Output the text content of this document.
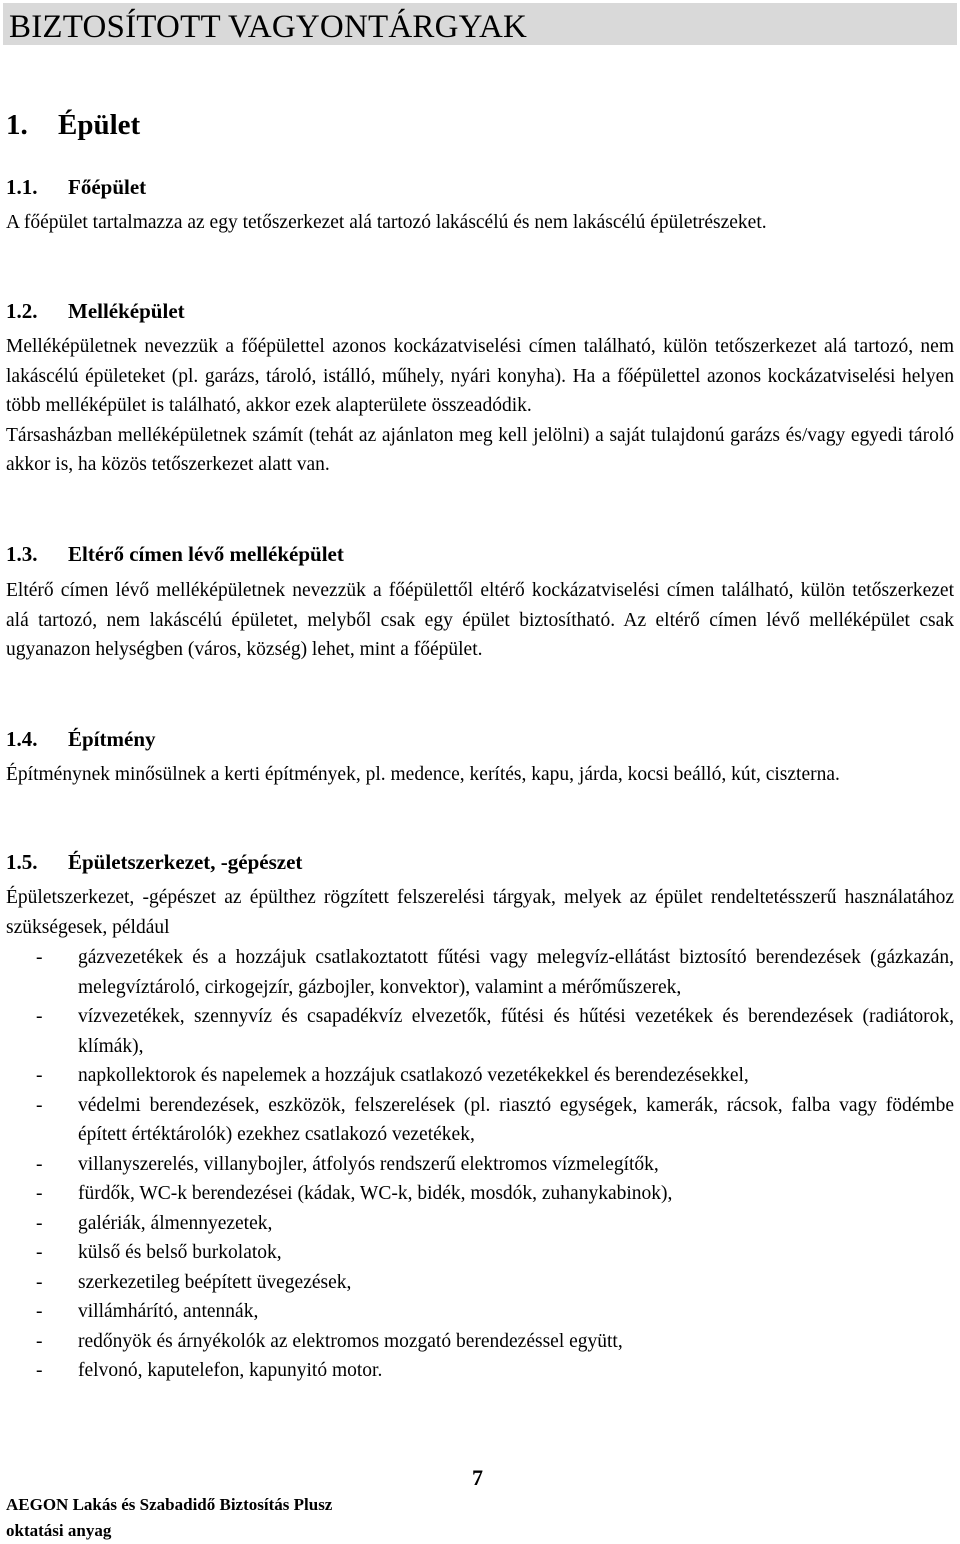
BIZTOSÍTOTT VAGYONTÁRGYAK
1. Épület
1.1. Főépület

A főépület tartalmazza az egy tetőszerkezet alá tartozó lakáscélú és nem lakáscélú épületrészeket.

1.2. Melléképület

Melléképületnek nevezzük a főépülettel azonos kockázatviselési címen található, külön tetőszerkezet alá tartozó, nem lakáscélú épületeket (pl. garázs, tároló, istálló, műhely, nyári konyha). Ha a főépülettel azonos kockázatviselési helyen több melléképület is található, akkor ezek alapterülete összeadódik.

Társasházban melléképületnek számít (tehát az ajánlaton meg kell jelölni) a saját tulajdonú garázs és/vagy egyedi tároló akkor is, ha közös tetőszerkezet alatt van.

1.3. Eltérő címen lévő melléképület

Eltérő címen lévő melléképületnek nevezzük a főépülettől eltérő kockázatviselési címen található, külön tetőszerkezet alá tartozó, nem lakáscélú épületet, melyből csak egy épület biztosítható. Az eltérő címen lévő melléképület csak ugyanazon helységben (város, község) lehet, mint a főépület.

1.4. Építmény

Építménynek minősülnek a kerti építmények, pl. medence, kerítés, kapu, járda, kocsi beálló, kút, ciszterna.

1.5. Épületszerkezet, -gépészet

Épületszerkezet, -gépészet az épülthez rögzített felszerelési tárgyak, melyek az épület rendeltetésszerű használatához szükségesek, például

- gázvezetékek és a hozzájuk csatlakoztatott fűtési vagy melegvíz-ellátást biztosító berendezések (gázkazán, melegvíztároló, cirkogejzír, gázbojler, konvektor), valamint a mérőműszerek,
- vízvezetékek, szennyvíz és csapadékvíz elvezetők, fűtési és hűtési vezetékek és berendezések (radiátorok, klímák),
- napkollektorok és napelemek a hozzájuk csatlakozó vezetékekkel és berendezésekkel,
- védelmi berendezések, eszközök, felszerelések (pl. riasztó egységek, kamerák, rácsok, falba vagy födémbe épített értéktárolók) ezekhez csatlakozó vezetékek,
- villanyszerelés, villanybojler, átfolyós rendszerű elektromos vízmelegítők,
- fürdők, WC-k berendezései (kádak, WC-k, bidék, mosdók, zuhanykabinok),
- galériák, álmennyezetek,
- külső és belső burkolatok,
- szerkezetileg beépített üvegezések,
- villámhárító, antennák,
- redőnyök és árnyékolók az elektromos mozgató berendezéssel együtt,
- felvonó, kaputelefon, kapunyitó motor.
7
AEGON Lakás és Szabadidő Biztosítás Plusz
oktatási anyag
